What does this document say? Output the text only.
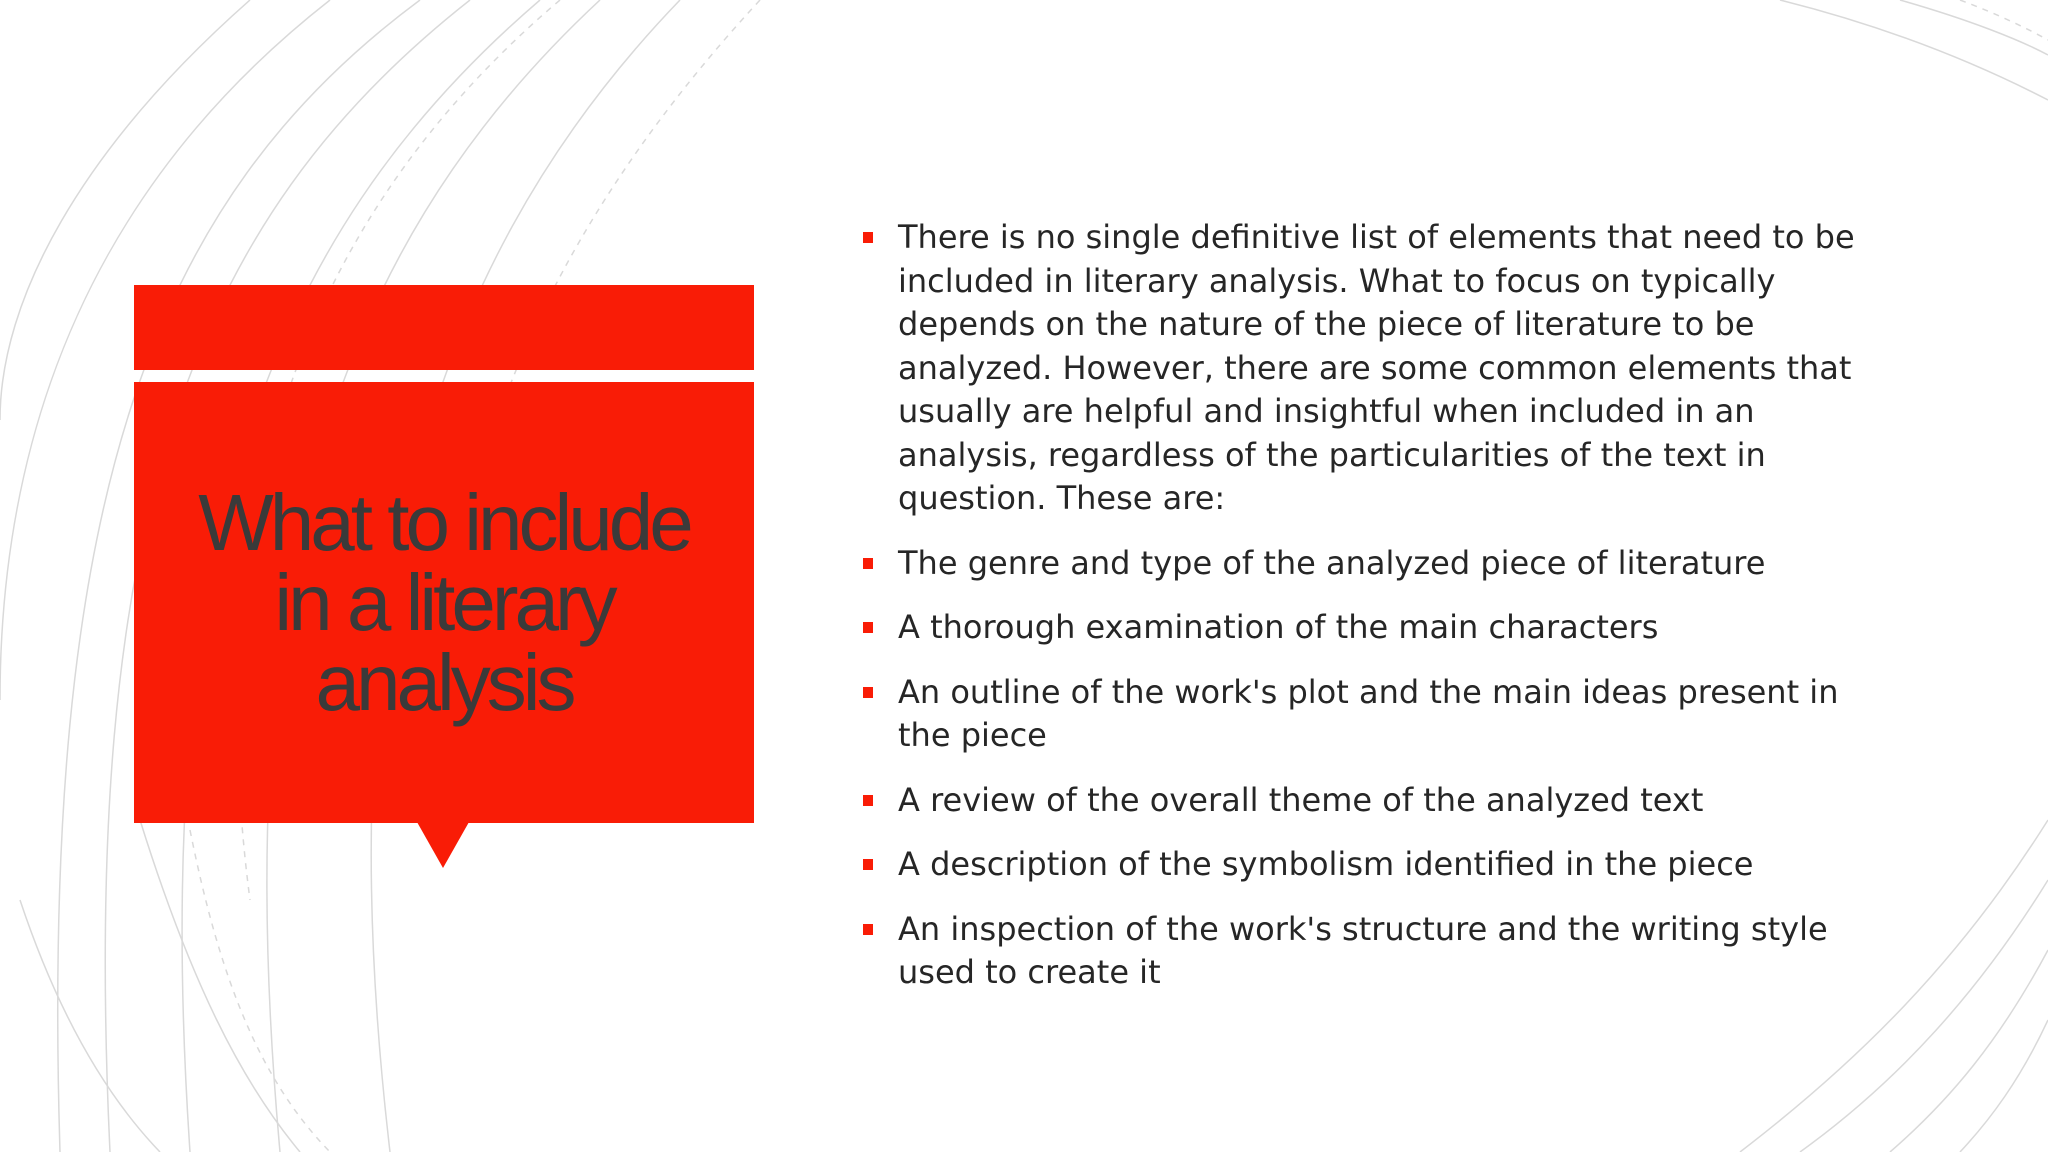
What to include
in a literary
analysis
There is no single definitive list of elements that need to be included in literary analysis. What to focus on typically depends on the nature of the piece of literature to be analyzed. However, there are some common elements that usually are helpful and insightful when included in an analysis, regardless of the particularities of the text in question. These are:
The genre and type of the analyzed piece of literature
A thorough examination of the main characters
An outline of the work's plot and the main ideas present in the piece
A review of the overall theme of the analyzed text
A description of the symbolism identified in the piece
An inspection of the work's structure and the writing style used to create it
